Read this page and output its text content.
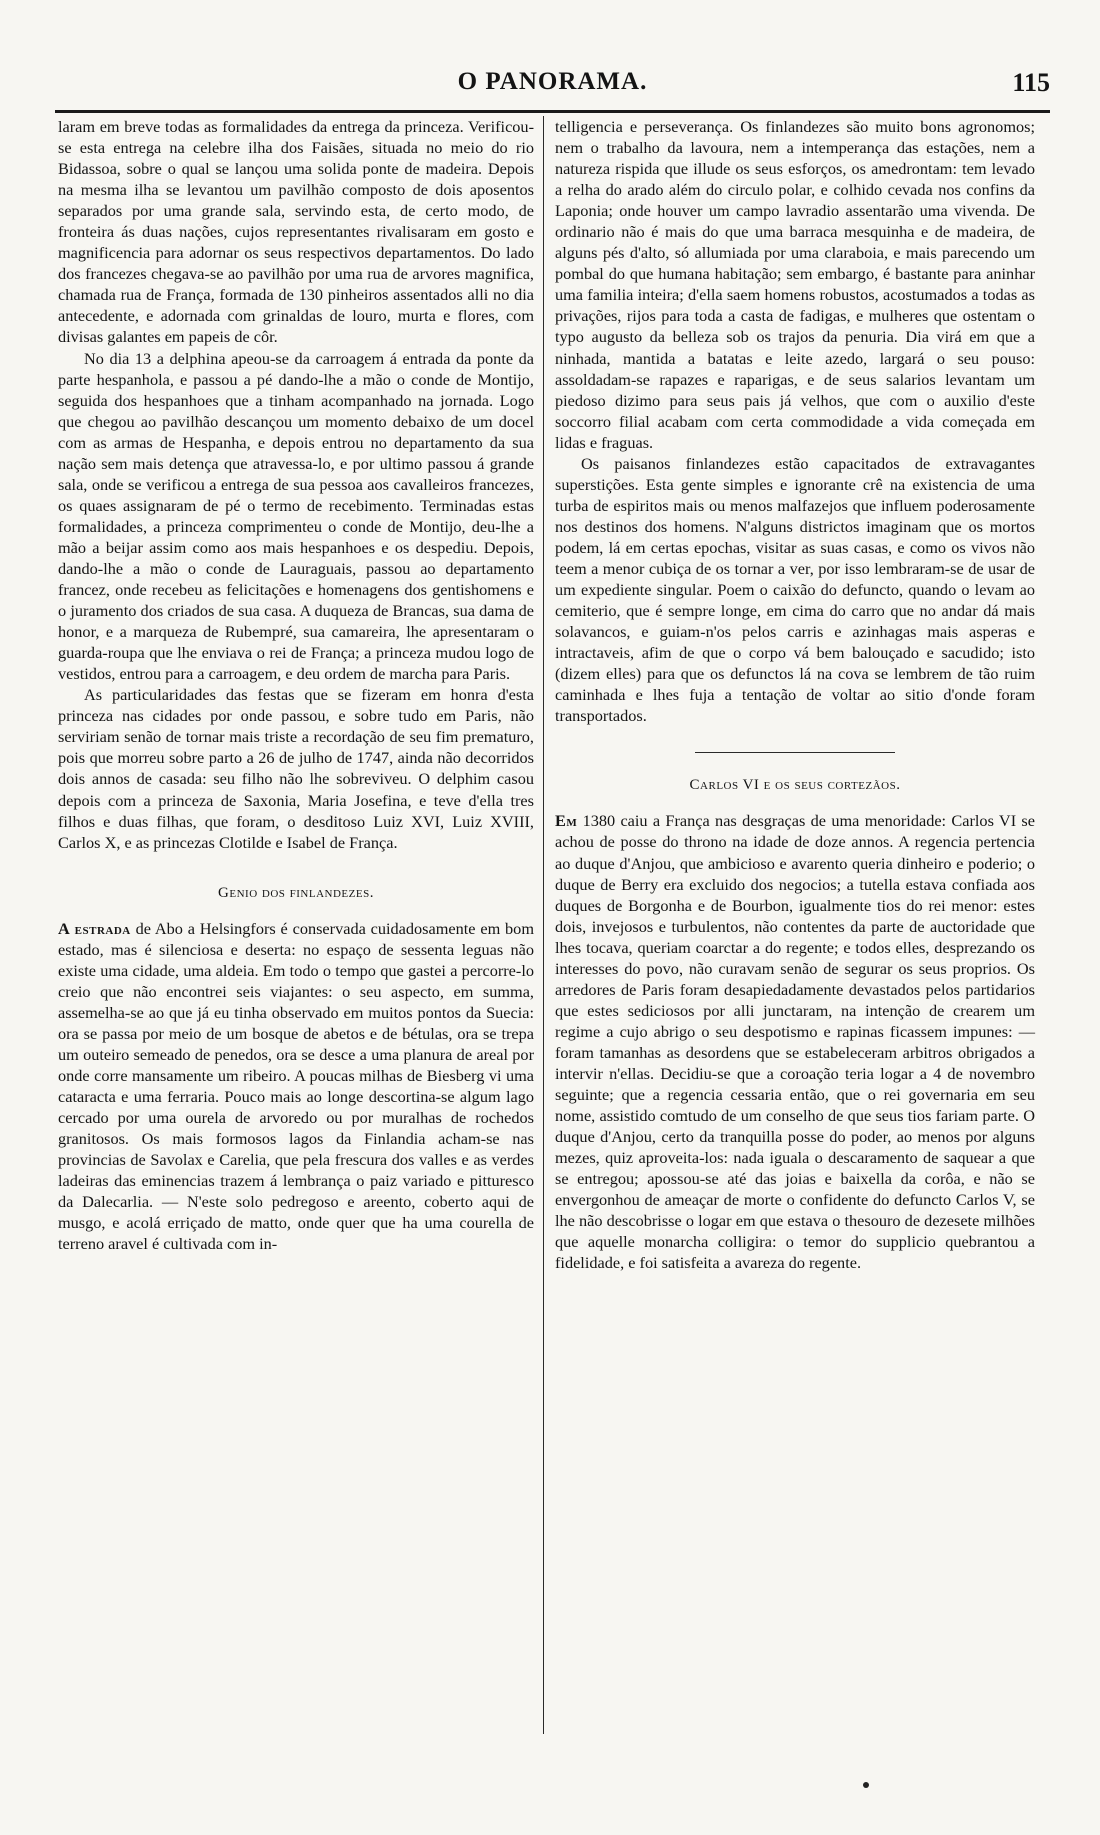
O PANORAMA.	115

laram em breve todas as formalidades da entrega da princeza. Verificou-se esta entrega na celebre ilha dos Faisães, situada no meio do rio Bidassoa, sobre o qual se lançou uma solida ponte de madeira. Depois na mesma ilha se levantou um pavilhão composto de dois aposentos separados por uma grande sala, servindo esta, de certo modo, de fronteira ás duas nações, cujos representantes rivalisaram em gosto e magnificencia para adornar os seus respectivos departamentos. Do lado dos francezes chegava-se ao pavilhão por uma rua de arvores magnifica, chamada rua de França, formada de 130 pinheiros assentados alli no dia antecedente, e adornada com grinaldas de louro, murta e flores, com divisas galantes em papeis de côr.

No dia 13 a delphina apeou-se da carroagem á entrada da ponte da parte hespanhola, e passou a pé dando-lhe a mão o conde de Montijo, seguida dos hespanhoes que a tinham acompanhado na jornada. Logo que chegou ao pavilhão descançou um momento debaixo de um docel com as armas de Hespanha, e depois entrou no departamento da sua nação sem mais detença que atravessa-lo, e por ultimo passou á grande sala, onde se verificou a entrega de sua pessoa aos cavalleiros francezes, os quaes assignaram de pé o termo de recebimento. Terminadas estas formalidades, a princeza comprimenteu o conde de Montijo, deu-lhe a mão a beijar assim como aos mais hespanhoes e os despediu. Depois, dando-lhe a mão o conde de Lauraguais, passou ao departamento francez, onde recebeu as felicitações e homenagens dos gentishomens e o juramento dos criados de sua casa. A duqueza de Brancas, sua dama de honor, e a marqueza de Rubempré, sua camareira, lhe apresentaram o guarda-roupa que lhe enviava o rei de França; a princeza mudou logo de vestidos, entrou para a carroagem, e deu ordem de marcha para Paris.

As particularidades das festas que se fizeram em honra d'esta princeza nas cidades por onde passou, e sobre tudo em Paris, não serviriam senão de tornar mais triste a recordação de seu fim prematuro, pois que morreu sobre parto a 26 de julho de 1747, ainda não decorridos dois annos de casada: seu filho não lhe sobreviveu. O delphim casou depois com a princeza de Saxonia, Maria Josefina, e teve d'ella tres filhos e duas filhas, que foram, o desditoso Luiz XVI, Luiz XVIII, Carlos X, e as princezas Clotilde e Isabel de França.

Genio dos finlandezes.

A estrada de Abo a Helsingfors é conservada cuidadosamente em bom estado, mas é silenciosa e deserta: no espaço de sessenta leguas não existe uma cidade, uma aldeia. Em todo o tempo que gastei a percorre-lo creio que não encontrei seis viajantes: o seu aspecto, em summa, assemelha-se ao que já eu tinha observado em muitos pontos da Suecia: ora se passa por meio de um bosque de abetos e de bétulas, ora se trepa um outeiro semeado de penedos, ora se desce a uma planura de areal por onde corre mansamente um ribeiro. A poucas milhas de Biesberg vi uma cataracta e uma ferraria. Pouco mais ao longe descortina-se algum lago cercado por uma ourela de arvoredo ou por muralhas de rochedos granitosos. Os mais formosos lagos da Finlandia acham-se nas provincias de Savolax e Carelia, que pela frescura dos valles e as verdes ladeiras das eminencias trazem á lembrança o paiz variado e pitturesco da Dalecarlia. — N'este solo pedregoso e areento, coberto aqui de musgo, e acolá erriçado de matto, onde quer que ha uma courella de terreno aravel é cultivada com in-

telligencia e perseverança. Os finlandezes são muito bons agronomos; nem o trabalho da lavoura, nem a intemperança das estações, nem a natureza rispida que illude os seus esforços, os amedrontam: tem levado a relha do arado além do circulo polar, e colhido cevada nos confins da Laponia; onde houver um campo lavradio assentarão uma vivenda. De ordinario não é mais do que uma barraca mesquinha e de madeira, de alguns pés d'alto, só allumiada por uma claraboia, e mais parecendo um pombal do que humana habitação; sem embargo, é bastante para aninhar uma familia inteira; d'ella saem homens robustos, acostumados a todas as privações, rijos para toda a casta de fadigas, e mulheres que ostentam o typo augusto da belleza sob os trajos da penuria. Dia virá em que a ninhada, mantida a batatas e leite azedo, largará o seu pouso: assoldadam-se rapazes e raparigas, e de seus salarios levantam um piedoso dizimo para seus pais já velhos, que com o auxilio d'este soccorro filial acabam com certa commodidade a vida começada em lidas e fraguas.

Os paisanos finlandezes estão capacitados de extravagantes superstições. Esta gente simples e ignorante crê na existencia de uma turba de espiritos mais ou menos malfazejos que influem poderosamente nos destinos dos homens. N'alguns districtos imaginam que os mortos podem, lá em certas epochas, visitar as suas casas, e como os vivos não teem a menor cubiça de os tornar a ver, por isso lembraram-se de usar de um expediente singular. Poem o caixão do defuncto, quando o levam ao cemiterio, que é sempre longe, em cima do carro que no andar dá mais solavancos, e guiam-n'os pelos carris e azinhagas mais asperas e intractaveis, afim de que o corpo vá bem balouçado e sacudido; isto (dizem elles) para que os defunctos lá na cova se lembrem de tão ruim caminhada e lhes fuja a tentação de voltar ao sitio d'onde foram transportados.

Carlos VI e os seus cortezãos.

Em 1380 caiu a França nas desgraças de uma menoridade: Carlos VI se achou de posse do throno na idade de doze annos. A regencia pertencia ao duque d'Anjou, que ambicioso e avarento queria dinheiro e poderio; o duque de Berry era excluido dos negocios; a tutella estava confiada aos duques de Borgonha e de Bourbon, igualmente tios do rei menor: estes dois, invejosos e turbulentos, não contentes da parte de auctoridade que lhes tocava, queriam coarctar a do regente; e todos elles, desprezando os interesses do povo, não curavam senão de segurar os seus proprios. Os arredores de Paris foram desapiedadamente devastados pelos partidarios que estes sediciosos por alli junctaram, na intenção de crearem um regime a cujo abrigo o seu despotismo e rapinas ficassem impunes: — foram tamanhas as desordens que se estabeleceram arbitros obrigados a intervir n'ellas. Decidiu-se que a coroação teria logar a 4 de novembro seguinte; que a regencia cessaria então, que o rei governaria em seu nome, assistido comtudo de um conselho de que seus tios fariam parte. O duque d'Anjou, certo da tranquilla posse do poder, ao menos por alguns mezes, quiz aproveita-los: nada iguala o descaramento de saquear a que se entregou; apossou-se até das joias e baixella da corôa, e não se envergonhou de ameaçar de morte o confidente do defuncto Carlos V, se lhe não descobrisse o logar em que estava o thesouro de dezesete milhões que aquelle monarcha colligira: o temor do supplicio quebrantou a fidelidade, e foi satisfeita a avareza do regente.
